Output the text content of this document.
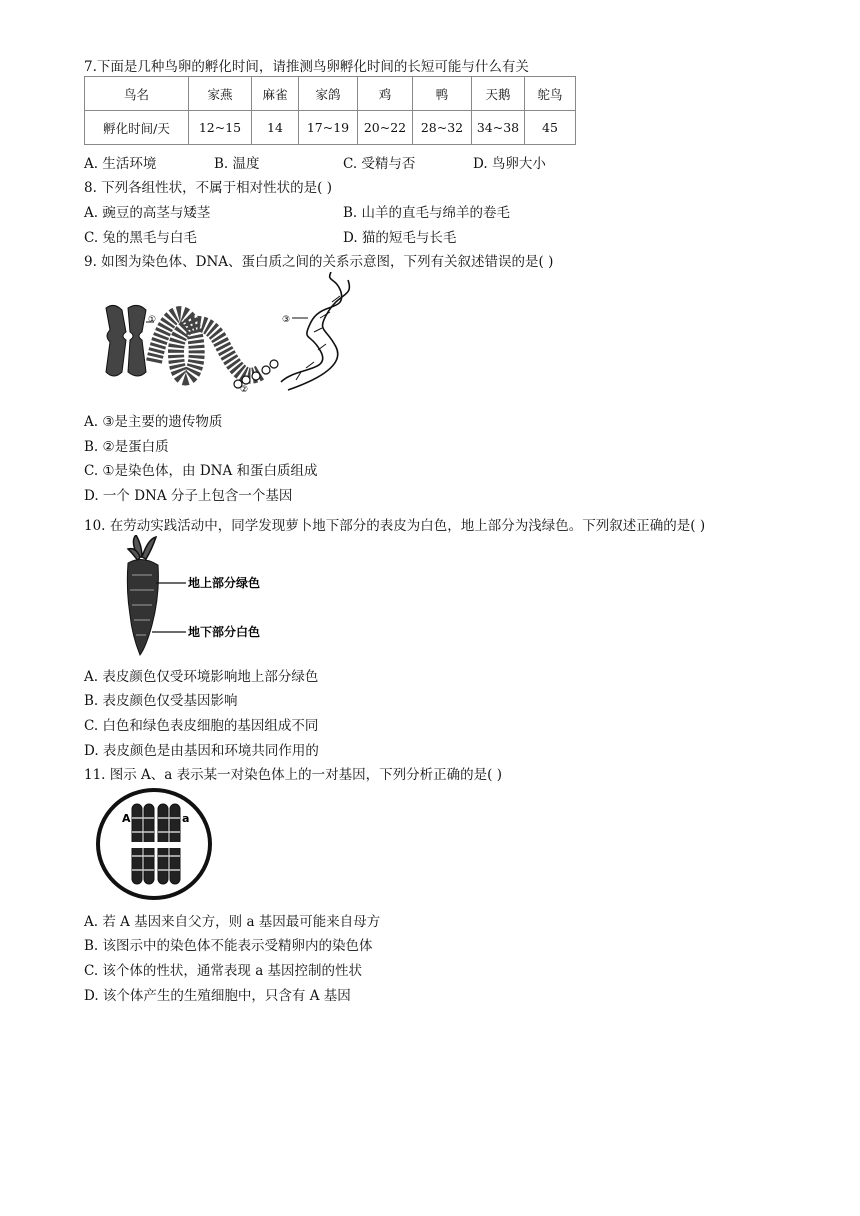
7.下面是几种鸟卵的孵化时间，请推测鸟卵孵化时间的长短可能与什么有关
鸟名	家燕	麻雀	家鸽	鸡	鸭	天鹅	鸵鸟
孵化时间/天	12~15	14	17~19	20~22	28~32	34~38	45
A. 生活环境	B. 温度	C. 受精与否	D. 鸟卵大小
8. 下列各组性状，不属于相对性状的是( )
A. 豌豆的高茎与矮茎	B. 山羊的直毛与绵羊的卷毛
C. 兔的黑毛与白毛	D. 猫的短毛与长毛
9. 如图为染色体、DNA、蛋白质之间的关系示意图，下列有关叙述错误的是( )
①
②
③
A. ③是主要的遗传物质
B. ②是蛋白质
C. ①是染色体，由 DNA 和蛋白质组成
D. 一个 DNA 分子上包含一个基因
10. 在劳动实践活动中，同学发现萝卜地下部分的表皮为白色，地上部分为浅绿色。下列叙述正确的是( )
地上部分绿色
地下部分白色
A. 表皮颜色仅受环境影响地上部分绿色
B. 表皮颜色仅受基因影响
C. 白色和绿色表皮细胞的基因组成不同
D. 表皮颜色是由基因和环境共同作用的
11. 图示 A、a 表示某一对染色体上的一对基因，下列分析正确的是( )
A	a
A. 若 A 基因来自父方，则 a 基因最可能来自母方
B. 该图示中的染色体不能表示受精卵内的染色体
C. 该个体的性状，通常表现 a 基因控制的性状
D. 该个体产生的生殖细胞中，只含有 A 基因
